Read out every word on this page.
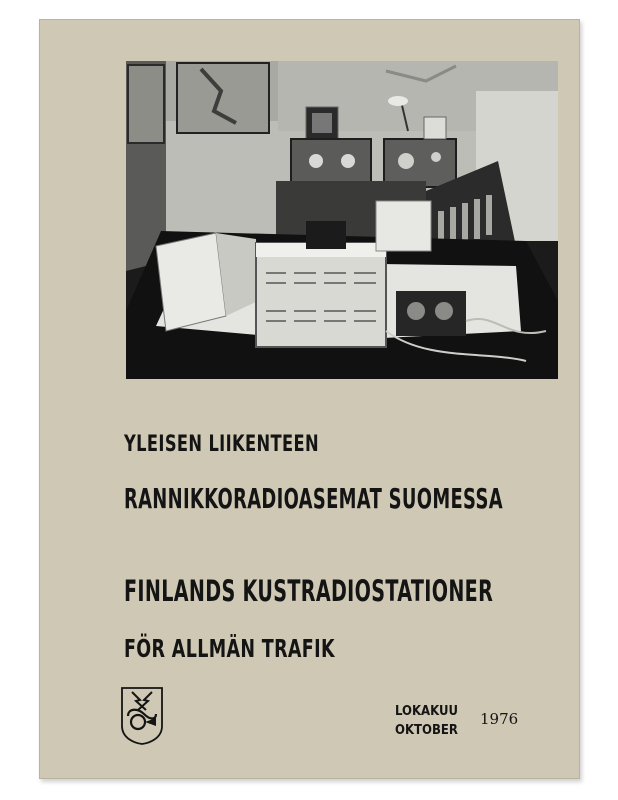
YLEISEN LIIKENTEEN
RANNIKKORADIOASEMAT SUOMESSA
FINLANDS KUSTRADIOSTATIONER
FÖR ALLMÄN TRAFIK
LOKAKUU
OKTOBER
1976
